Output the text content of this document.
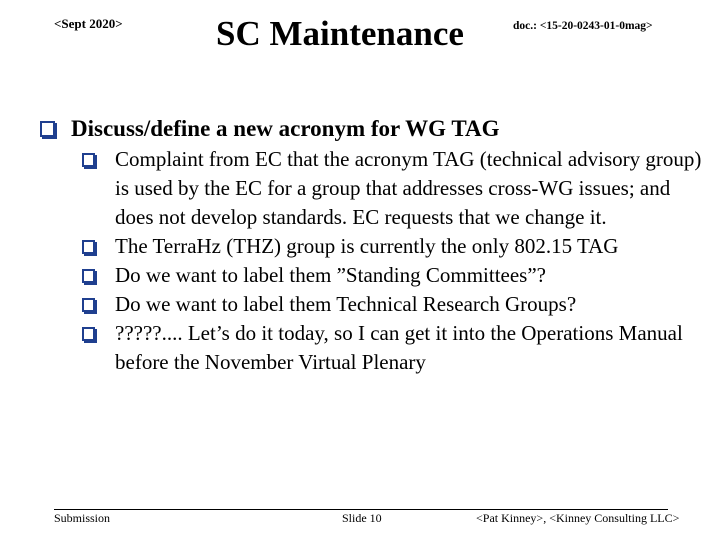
<Sept 2020>	SC Maintenance	doc.: <15-20-0243-01-0mag>
Discuss/define a new acronym for WG TAG
Complaint from EC that the acronym TAG (technical advisory group) is used by the EC for a group that addresses cross-WG issues; and does not develop standards. EC requests that we change it.
The TerraHz (THZ) group is currently the only 802.15 TAG
Do we want to label them ”Standing Committees”?
Do we want to label them Technical Research Groups?
?????.... Let’s do it today, so I can get it into the Operations Manual before the November Virtual Plenary
Submission	Slide 10	<Pat Kinney>, <Kinney Consulting LLC>
